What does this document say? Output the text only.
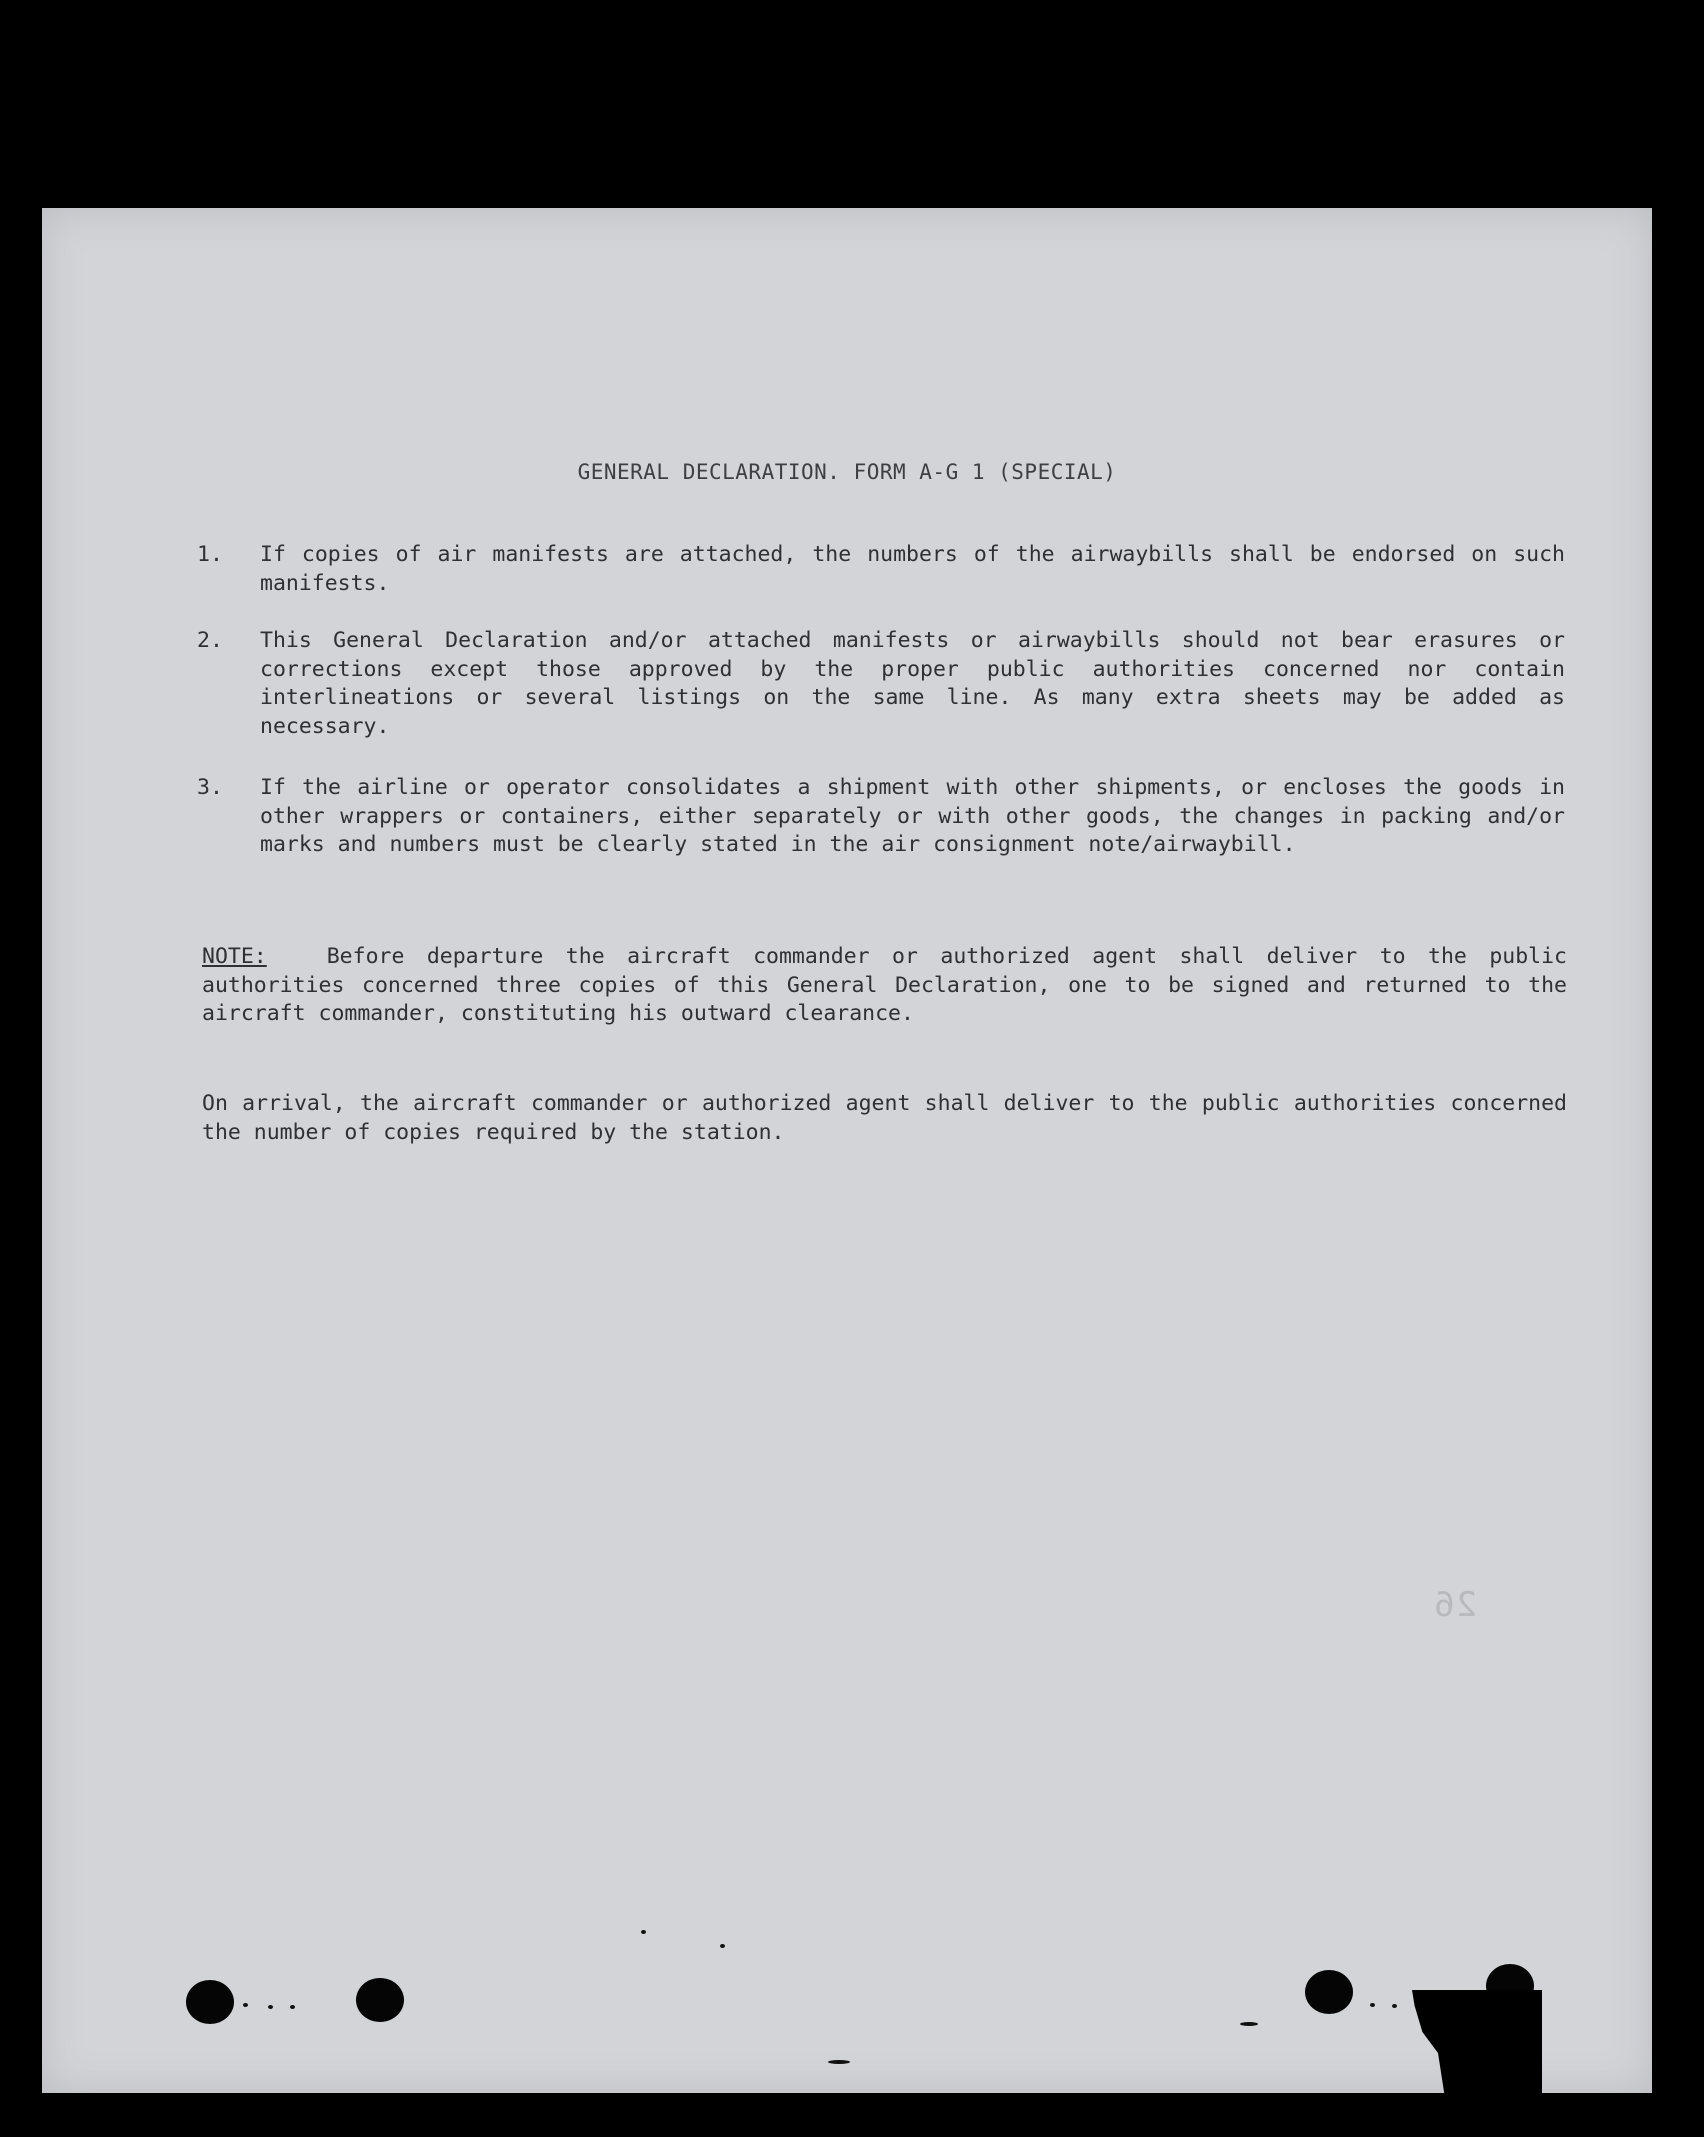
GENERAL DECLARATION. FORM A-G 1 (SPECIAL)
1.	If copies of air manifests are attached, the numbers of the airwaybills shall be endorsed on such manifests.

2.	This General Declaration and/or attached manifests or airwaybills should not bear erasures or corrections except those approved by the proper public authorities concerned nor contain interlineations or several listings on the same line. As many extra sheets may be added as necessary.

3.	If the airline or operator consolidates a shipment with other shipments, or encloses the goods in other wrappers or containers, either separately or with other goods, the changes in packing and/or marks and numbers must be clearly stated in the air consignment note/airwaybill.

NOTE:	Before departure the aircraft commander or authorized agent shall deliver to the public authorities concerned three copies of this General Declaration, one to be signed and returned to the aircraft commander, constituting his outward clearance.

On arrival, the aircraft commander or authorized agent shall deliver to the public authorities concerned the number of copies required by the station.

26
